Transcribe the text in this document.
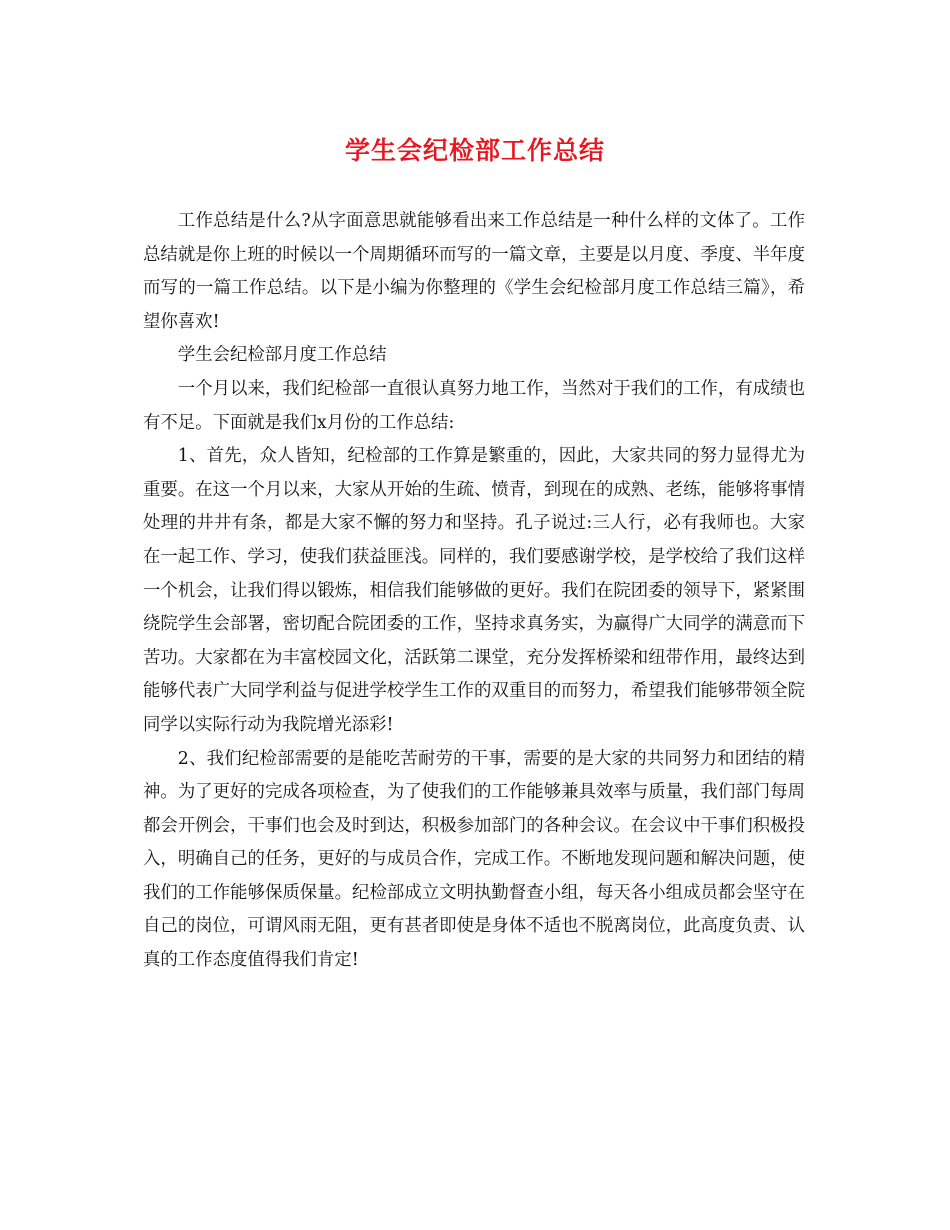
学生会纪检部工作总结

工作总结是什么?从字面意思就能够看出来工作总结是一种什么样的文体了。工作总结就是你上班的时候以一个周期循环而写的一篇文章，主要是以月度、季度、半年度而写的一篇工作总结。以下是小编为你整理的《学生会纪检部月度工作总结三篇》，希望你喜欢!

学生会纪检部月度工作总结

一个月以来，我们纪检部一直很认真努力地工作，当然对于我们的工作，有成绩也有不足。下面就是我们x月份的工作总结:

1、首先，众人皆知，纪检部的工作算是繁重的，因此，大家共同的努力显得尤为重要。在这一个月以来，大家从开始的生疏、愤青，到现在的成熟、老练，能够将事情处理的井井有条，都是大家不懈的努力和坚持。孔子说过:三人行，必有我师也。大家在一起工作、学习，使我们获益匪浅。同样的，我们要感谢学校，是学校给了我们这样一个机会，让我们得以锻炼，相信我们能够做的更好。我们在院团委的领导下，紧紧围绕院学生会部署，密切配合院团委的工作，坚持求真务实，为赢得广大同学的满意而下苦功。大家都在为丰富校园文化，活跃第二课堂，充分发挥桥梁和纽带作用，最终达到能够代表广大同学利益与促进学校学生工作的双重目的而努力，希望我们能够带领全院同学以实际行动为我院增光添彩!

2、我们纪检部需要的是能吃苦耐劳的干事，需要的是大家的共同努力和团结的精神。为了更好的完成各项检查，为了使我们的工作能够兼具效率与质量，我们部门每周都会开例会，干事们也会及时到达，积极参加部门的各种会议。在会议中干事们积极投入，明确自己的任务，更好的与成员合作，完成工作。不断地发现问题和解决问题，使我们的工作能够保质保量。纪检部成立文明执勤督查小组，每天各小组成员都会坚守在自己的岗位，可谓风雨无阻，更有甚者即使是身体不适也不脱离岗位，此高度负责、认真的工作态度值得我们肯定!
